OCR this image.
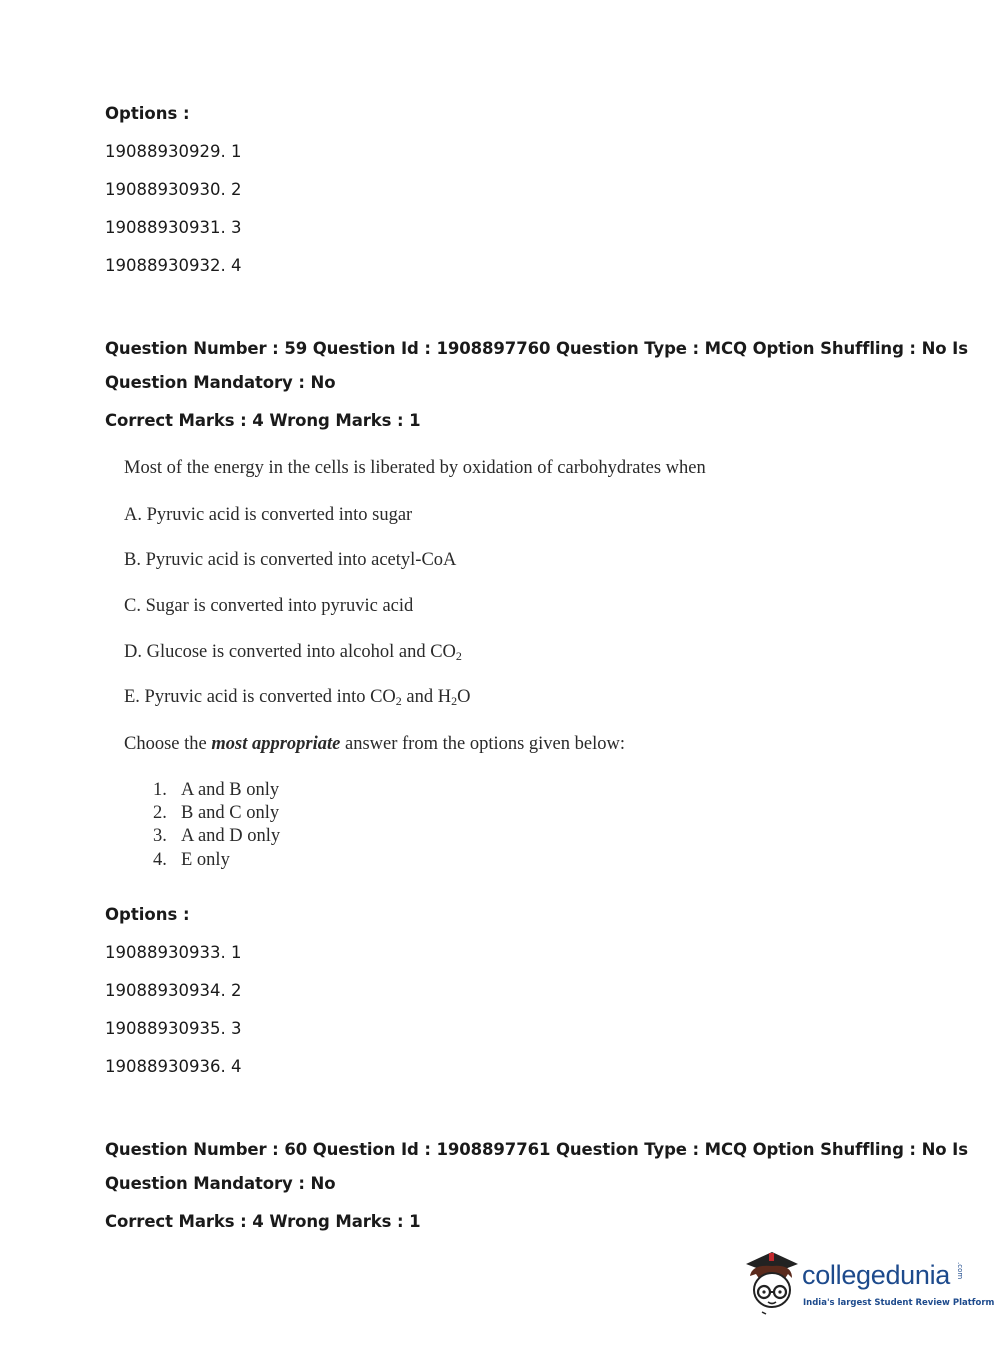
Options :
19088930929. 1
19088930930. 2
19088930931. 3
19088930932. 4
Question Number : 59 Question Id : 1908897760 Question Type : MCQ Option Shuffling : No Is
Question Mandatory : No
Correct Marks : 4 Wrong Marks : 1
Most of the energy in the cells is liberated by oxidation of carbohydrates when
A. Pyruvic acid is converted into sugar
B. Pyruvic acid is converted into acetyl-CoA
C. Sugar is converted into pyruvic acid
D. Glucose is converted into alcohol and $CO_2$
E. Pyruvic acid is converted into $CO_2$ and $H_2O$
Choose the most appropriate answer from the options given below:
1. A and B only
2. B and C only
3. A and D only
4. E only
Options :
19088930933. 1
19088930934. 2
19088930935. 3
19088930936. 4
Question Number : 60 Question Id : 1908897761 Question Type : MCQ Option Shuffling : No Is
Question Mandatory : No
Correct Marks : 4 Wrong Marks : 1
collegedunia .com
India's largest Student Review Platform
